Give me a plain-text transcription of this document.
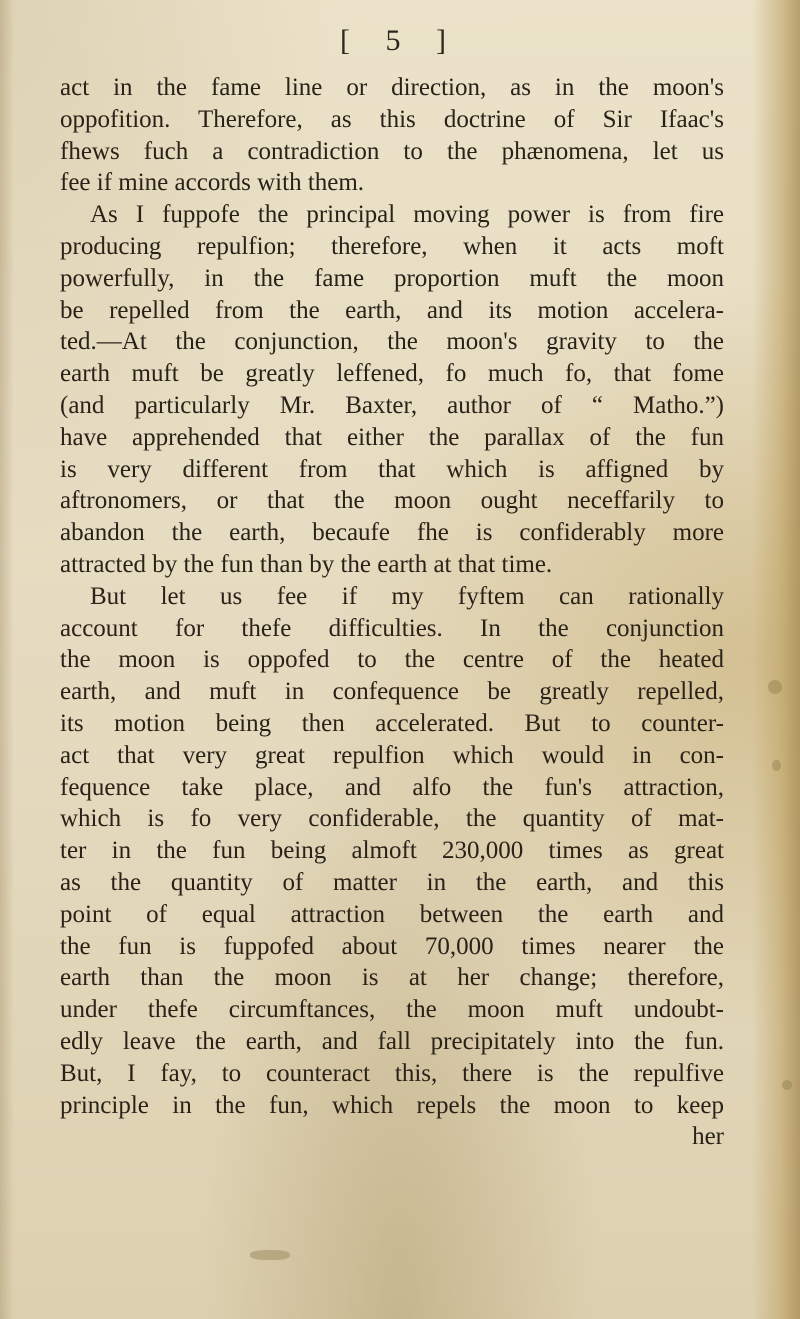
[ 5 ]
act in the fame line or direction, as in the moon's
oppofition. Therefore, as this doctrine of Sir Ifaac's
fhews fuch a contradiction to the phænomena, let us
fee if mine accords with them.
As I fuppofe the principal moving power is from fire
producing repulfion; therefore, when it acts moft
powerfully, in the fame proportion muft the moon
be repelled from the earth, and its motion accelera-
ted.—At the conjunction, the moon's gravity to the
earth muft be greatly leffened, fo much fo, that fome
(and particularly Mr. Baxter, author of “ Matho.”)
have apprehended that either the parallax of the fun
is very different from that which is affigned by
aftronomers, or that the moon ought neceffarily to
abandon the earth, becaufe fhe is confiderably more
attracted by the fun than by the earth at that time.
But let us fee if my fyftem can rationally
account for thefe difficulties. In the conjunction
the moon is oppofed to the centre of the heated
earth, and muft in confequence be greatly repelled,
its motion being then accelerated. But to counter-
act that very great repulfion which would in con-
fequence take place, and alfo the fun's attraction,
which is fo very confiderable, the quantity of mat-
ter in the fun being almoft 230,000 times as great
as the quantity of matter in the earth, and this
point of equal attraction between the earth and
the fun is fuppofed about 70,000 times nearer the
earth than the moon is at her change; therefore,
under thefe circumftances, the moon muft undoubt-
edly leave the earth, and fall precipitately into the fun.
But, I fay, to counteract this, there is the repulfive
principle in the fun, which repels the moon to keep
her
